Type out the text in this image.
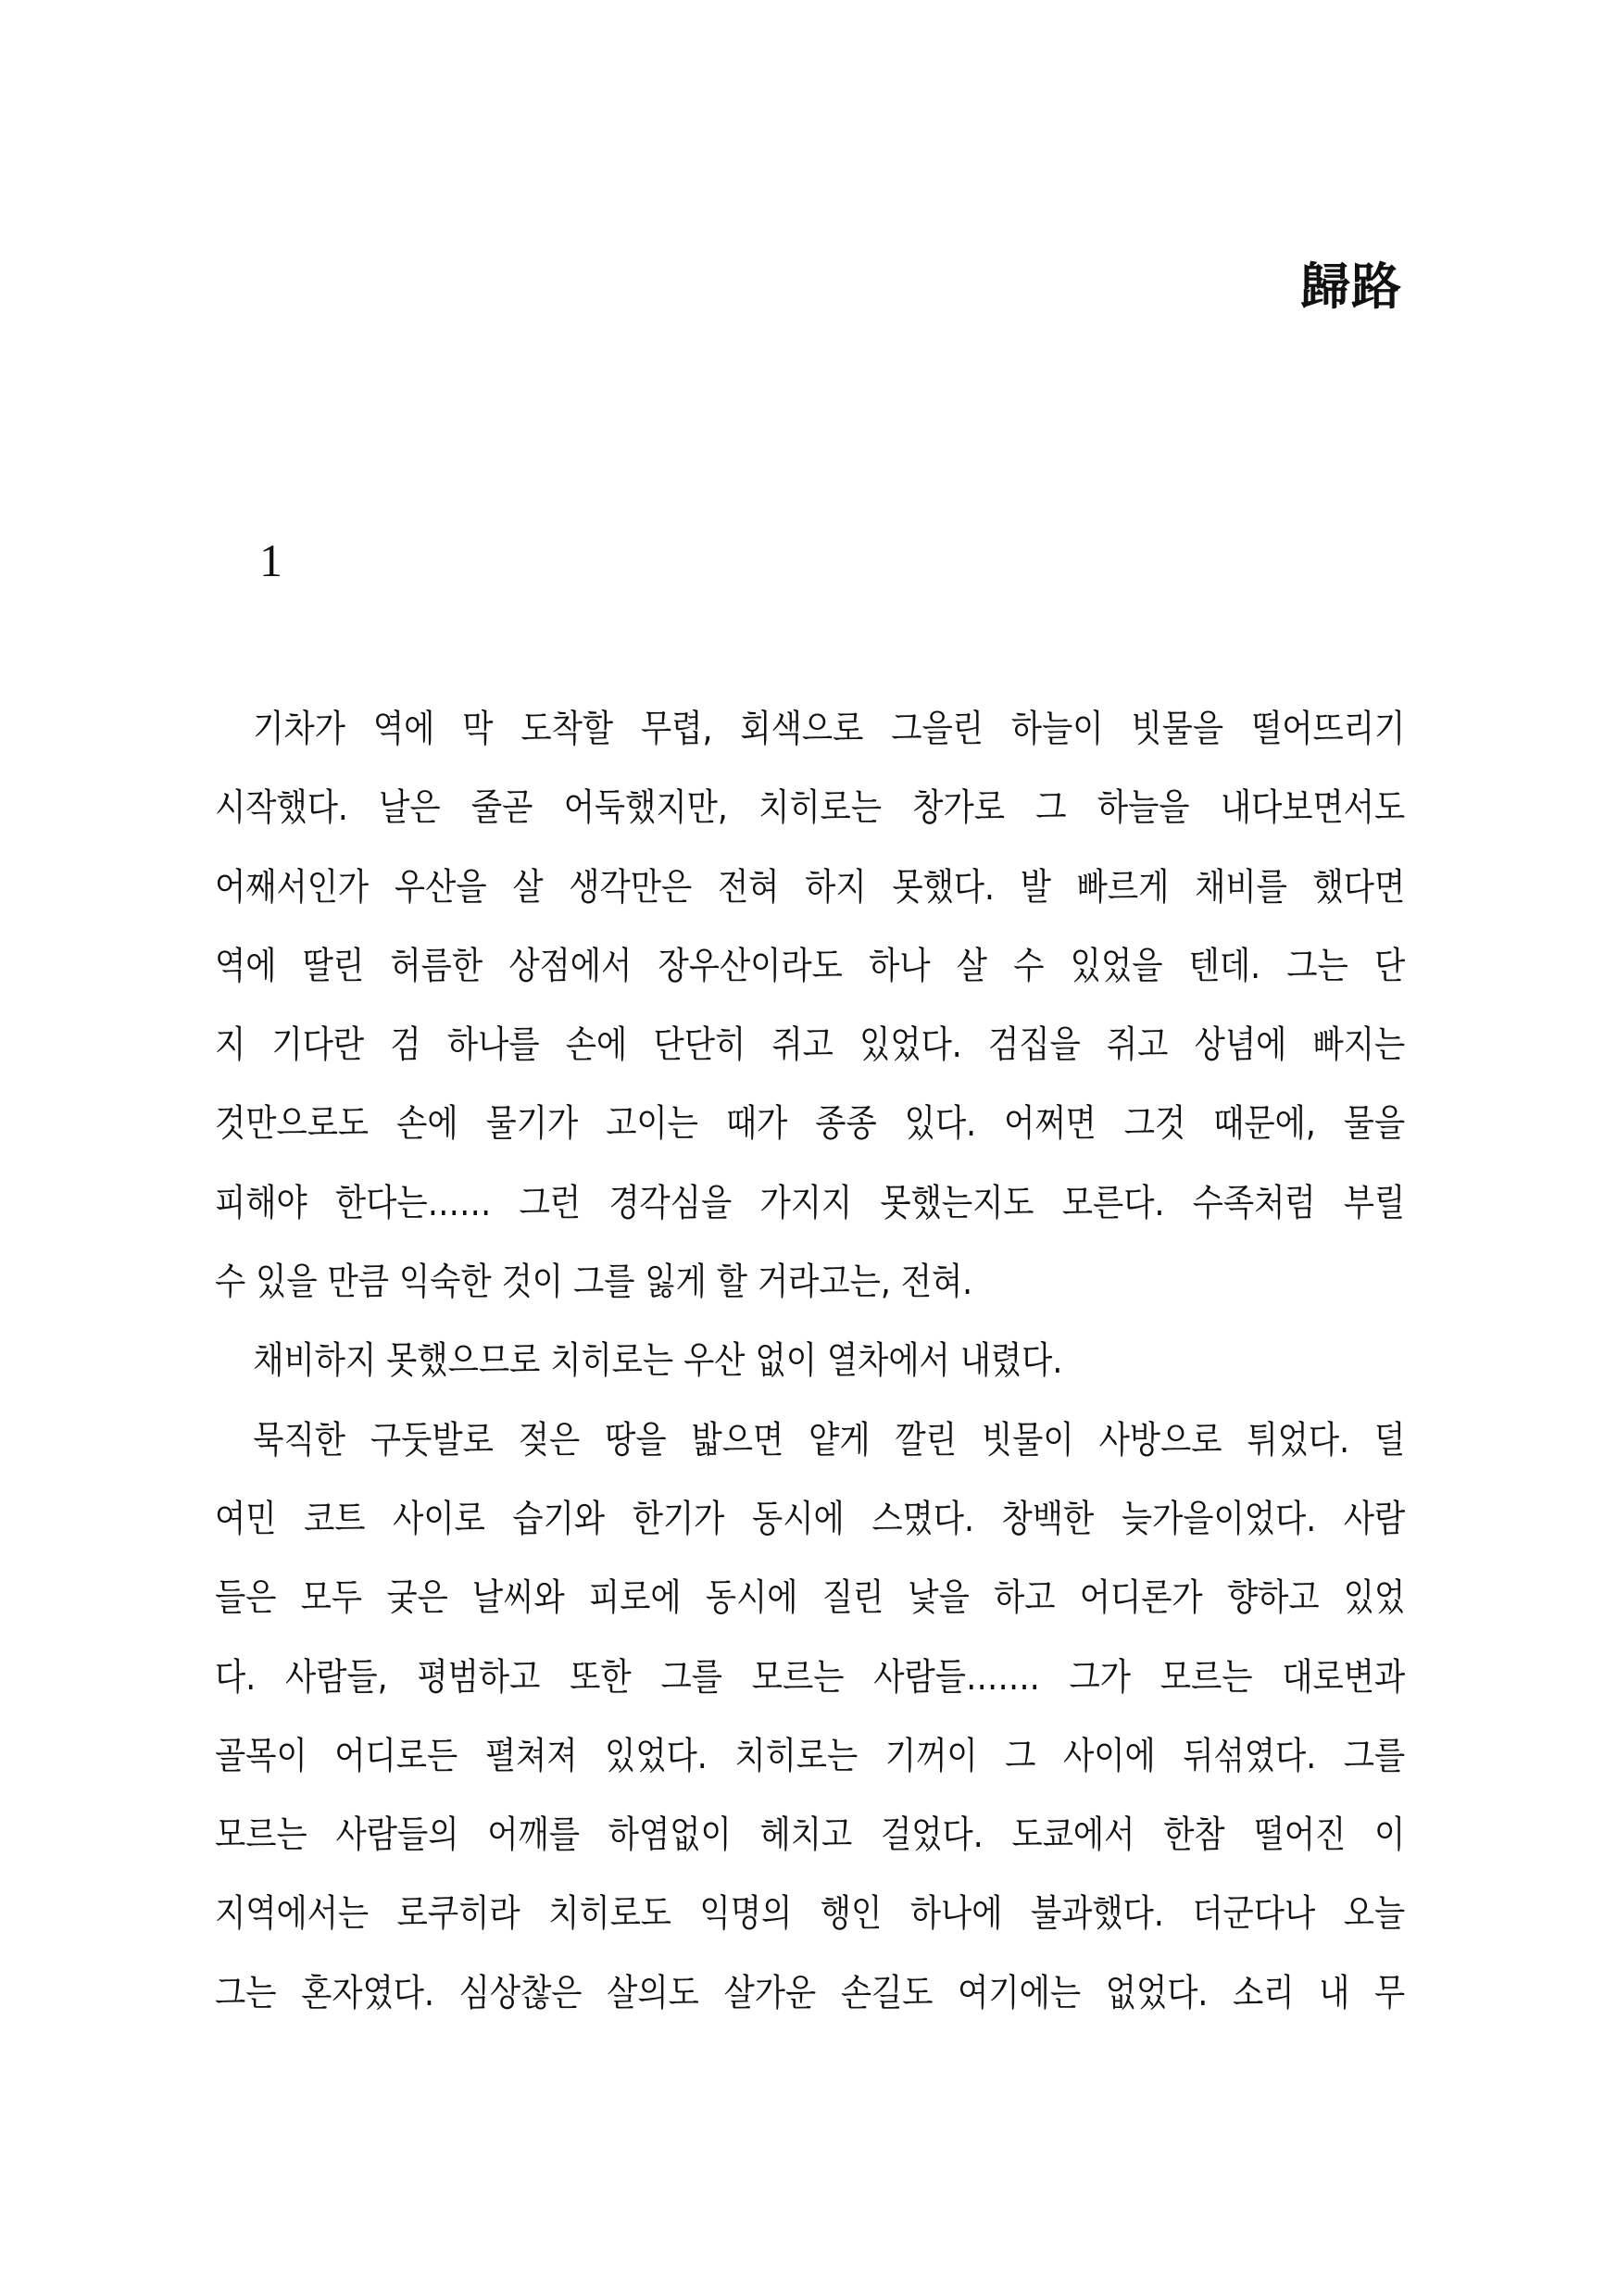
歸路
1
기차가 역에 막 도착할 무렵, 회색으로 그을린 하늘이 빗물을 떨어뜨리기
시작했다. 날은 줄곧 어둑했지만, 치히로는 창가로 그 하늘을 내다보면서도
어째서인가 우산을 살 생각만은 전혀 하지 못했다. 발 빠르게 채비를 했다면
역에 딸린 허름한 상점에서 장우산이라도 하나 살 수 있었을 텐데. 그는 단
지 기다란 검 하나를 손에 단단히 쥐고 있었다. 검집을 쥐고 상념에 빠지는
것만으로도 손에 물기가 고이는 때가 종종 있다. 어쩌면 그것 때문에, 물을
피해야 한다는…… 그런 경각심을 가지지 못했는지도 모른다. 수족처럼 부릴
수 있을 만큼 익숙한 것이 그를 잃게 할 거라고는, 전혀.
채비하지 못했으므로 치히로는 우산 없이 열차에서 내렸다.
묵직한 구둣발로 젖은 땅을 밟으면 얕게 깔린 빗물이 사방으로 튀었다. 덜
여민 코트 사이로 습기와 한기가 동시에 스몄다. 창백한 늦가을이었다. 사람
들은 모두 궂은 날씨와 피로에 동시에 질린 낯을 하고 어디론가 향하고 있었
다. 사람들, 평범하고 또한 그를 모르는 사람들……. 그가 모르는 대로변과
골목이 어디로든 펼쳐져 있었다. 치히로는 기꺼이 그 사이에 뒤섞였다. 그를
모르는 사람들의 어깨를 하염없이 헤치고 걸었다. 도쿄에서 한참 떨어진 이
지역에서는 로쿠히라 치히로도 익명의 행인 하나에 불과했다. 더군다나 오늘
그는 혼자였다. 심상찮은 살의도 살가운 손길도 여기에는 없었다. 소리 내 무
